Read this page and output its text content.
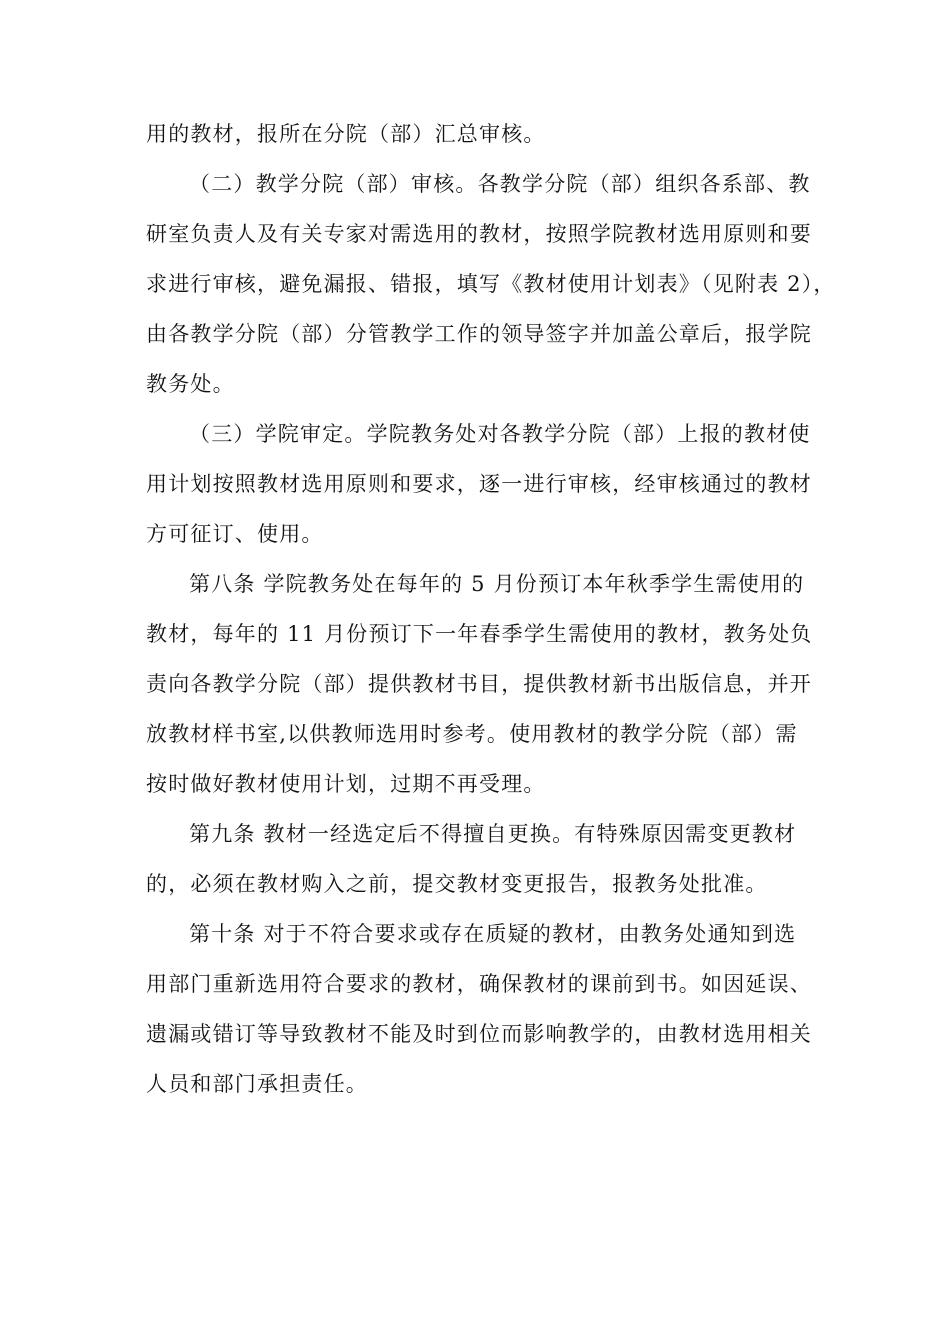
用的教材，报所在分院（部）汇总审核。
（二）教学分院（部）审核。各教学分院（部）组织各系部、教
研室负责人及有关专家对需选用的教材，按照学院教材选用原则和要
求进行审核，避免漏报、错报，填写《教材使用计划表》（见附表 2），
由各教学分院（部）分管教学工作的领导签字并加盖公章后，报学院
教务处。
（三）学院审定。学院教务处对各教学分院（部）上报的教材使
用计划按照教材选用原则和要求，逐一进行审核，经审核通过的教材
方可征订、使用。
第八条 学院教务处在每年的 5 月份预订本年秋季学生需使用的
教材，每年的 11 月份预订下一年春季学生需使用的教材，教务处负
责向各教学分院（部）提供教材书目，提供教材新书出版信息，并开
放教材样书室,以供教师选用时参考。使用教材的教学分院（部）需
按时做好教材使用计划，过期不再受理。
第九条 教材一经选定后不得擅自更换。有特殊原因需变更教材
的，必须在教材购入之前，提交教材变更报告，报教务处批准。
第十条 对于不符合要求或存在质疑的教材，由教务处通知到选
用部门重新选用符合要求的教材，确保教材的课前到书。如因延误、
遗漏或错订等导致教材不能及时到位而影响教学的，由教材选用相关
人员和部门承担责任。
